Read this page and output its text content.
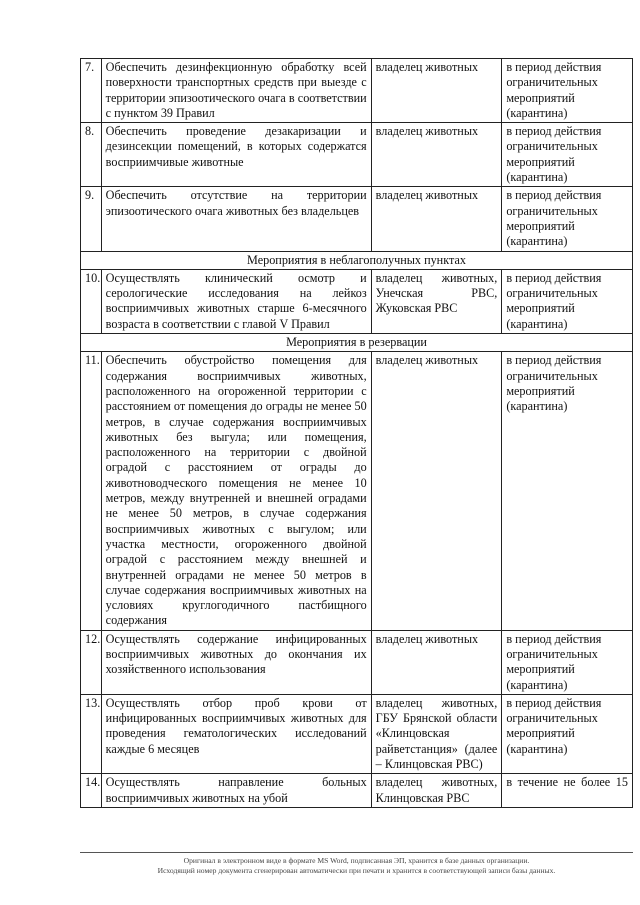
7.	Обеспечить дезинфекционную обработку всей поверхности транспортных средств при выезде с территории эпизоотического очага в соответствии с пунктом 39 Правил	владелец животных	в период действия ограничительных мероприятий (карантина)
8.	Обеспечить проведение дезакаризации и дезинсекции помещений, в которых содержатся восприимчивые животные	владелец животных	в период действия ограничительных мероприятий (карантина)
9.	Обеспечить отсутствие на территории эпизоотического очага животных без владельцев	владелец животных	в период действия ограничительных мероприятий (карантина)
Мероприятия в неблагополучных пунктах			
10.	Осуществлять клинический осмотр и серологические исследования на лейкоз восприимчивых животных старше 6-месячного возраста в соответствии с главой V Правил	владелец животных, Унечская РВС, Жуковская РВС	в период действия ограничительных мероприятий (карантина)
Мероприятия в резервации			
11.	Обеспечить обустройство помещения для содержания восприимчивых животных, расположенного на огороженной территории с расстоянием от помещения до ограды не менее 50 метров, в случае содержания восприимчивых животных без выгула; или помещения, расположенного на территории с двойной оградой с расстоянием от ограды до животноводческого помещения не менее 10 метров, между внутренней и внешней оградами не менее 50 метров, в случае содержания восприимчивых животных с выгулом; или участка местности, огороженного двойной оградой с расстоянием между внешней и внутренней оградами не менее 50 метров в случае содержания восприимчивых животных на условиях круглогодичного пастбищного содержания	владелец животных	в период действия ограничительных мероприятий (карантина)
12.	Осуществлять содержание инфицированных восприимчивых животных до окончания их хозяйственного использования	владелец животных	в период действия ограничительных мероприятий (карантина)
13.	Осуществлять отбор проб крови от инфицированных восприимчивых животных для проведения гематологических исследований каждые 6 месяцев	владелец животных, ГБУ Брянской области «Клинцовская райветстанция» (далее – Клинцовская РВС)	в период действия ограничительных мероприятий (карантина)
14.	Осуществлять направление больных восприимчивых животных на убой	владелец животных, Клинцовская РВС	в течение не более 15
Оригинал в электронном виде в формате MS Word, подписанная ЭП, хранится в базе данных организации.
Исходящий номер документа сгенерирован автоматически при печати и хранится в соответствующей записи базы данных.
